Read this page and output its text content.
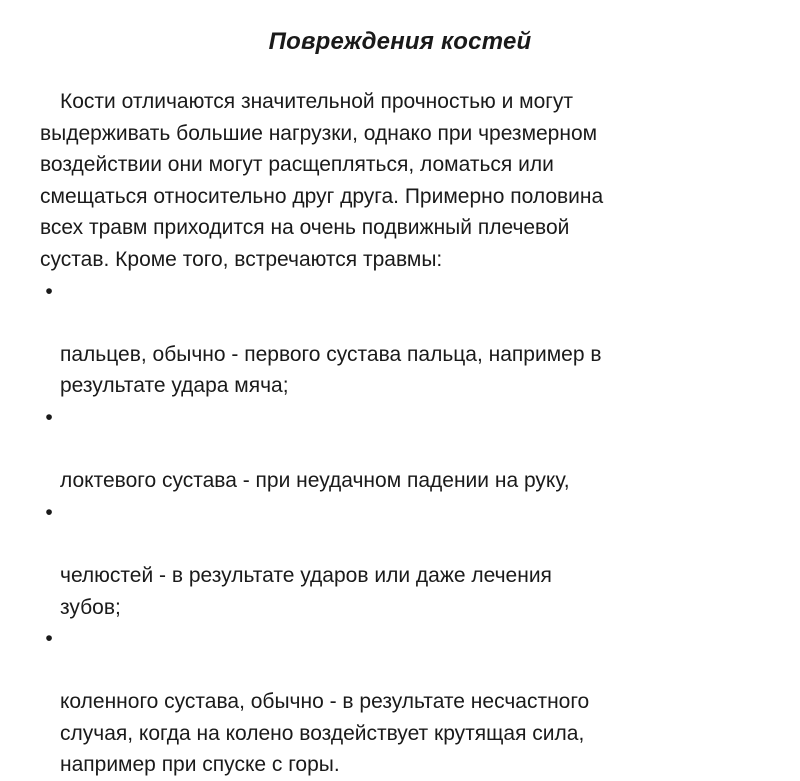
Повреждения костей

Кости отличаются значительной прочностью и могут
выдерживать большие нагрузки, однако при чрезмерном
воздействии они могут расщепляться, ломаться или
смещаться относительно друг друга. Примерно половина
всех травм приходится на очень подвижный плечевой
сустав. Кроме того, встречаются травмы:

•

пальцев, обычно - первого сустава пальца, например в
результате удара мяча;

•

локтевого сустава - при неудачном падении на руку,

•

челюстей - в результате ударов или даже лечения
зубов;

•

коленного сустава, обычно - в результате несчастного
случая, когда на колено воздействует крутящая сила,
например при спуске с горы.
